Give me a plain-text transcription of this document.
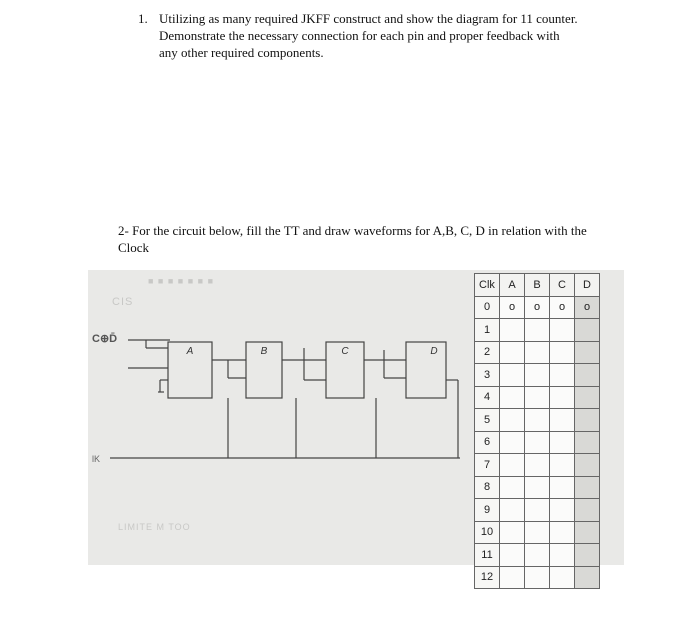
1. Utilizing as many required JKFF construct and show the diagram for 11 counter. Demonstrate the necessary connection for each pin and proper feedback with any other required components.
2- For the circuit below, fill the TT and draw waveforms for A,B, C, D in relation with the Clock
■ ■ ■ ■ ■ ■ ■
CIS
LIMITE M TOO
A	B	C	D
C⊕D̄
lK
Clk	A	B	C	D
0	o	o	o	o
1				
2				
3				
4				
5				
6				
7				
8				
9				
10				
11				
12				
